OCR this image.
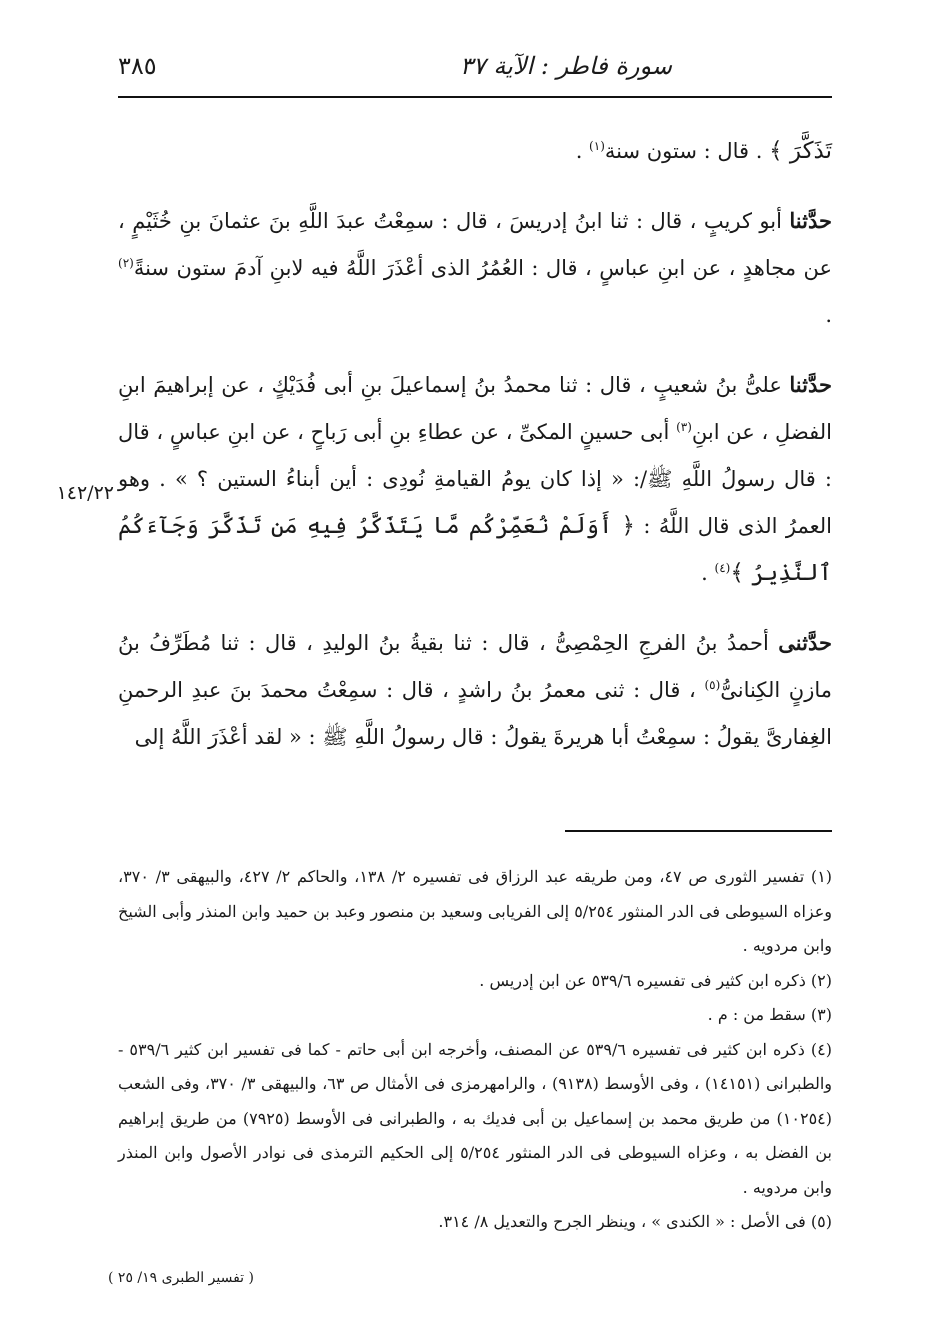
سورة فاطر : الآية ٣٧
٣٨٥

تَذَكَّرَ ﴾ . قال : ستون سنة$^{(١)}$ .

حدَّثنا أبو كريبٍ ، قال : ثنا ابنُ إدريسَ ، قال : سمِعْتُ عبدَ اللَّهِ بنَ عثمانَ بنِ خُثَيْمٍ ، عن مجاهدٍ ، عن ابنِ عباسٍ ، قال : العُمُرُ الذى أعْذَرَ اللَّهُ فيه لابنِ آدمَ ستون سنةً$^{(٢)}$ .

حدَّثنا علىُّ بنُ شعيبٍ ، قال : ثنا محمدُ بنُ إسماعيلَ بنِ أبى فُدَيْكٍ ، عن إبراهيمَ ابنِ الفضلِ ، عن ابنِ$^{(٣)}$ أبى حسينٍ المكىِّ ، عن عطاءِ بنِ أبى رَباحٍ ، عن ابنِ عباسٍ ، قال : قال رسولُ اللَّهِ ﷺ/: « إذا كان يومُ القيامةِ نُودِى : أين أبناءُ الستين ؟ » . وهو العمرُ الذى قال اللَّهُ : ﴿ أَوَلَمْ نُعَمِّرْكُم مَّا يَتَذَكَّرُ فِيهِ مَن تَذَكَّرَ وَجَآءَكُمُ ٱلنَّذِيرُ ﴾$^{(٤)}$ .

حدَّثنى أحمدُ بنُ الفرجِ الحِمْصِىُّ ، قال : ثنا بقيةُ بنُ الوليدِ ، قال : ثنا مُطَرِّفُ بنُ مازنٍ الكِنانىُّ$^{(٥)}$ ، قال : ثنى معمرُ بنُ راشدٍ ، قال : سمِعْتُ محمدَ بنَ عبدِ الرحمنِ الغِفارىَّ يقولُ : سمِعْتُ أبا هريرةَ يقولُ : قال رسولُ اللَّهِ ﷺ : « لقد أعْذَرَ اللَّهُ إلى

١٤٢/٢٢

(١) تفسير الثورى ص ٤٧، ومن طريقه عبد الرزاق فى تفسيره ٢/ ١٣٨، والحاكم ٢/ ٤٢٧، والبيهقى ٣/ ٣٧٠، وعزاه السيوطى فى الدر المنثور ٥/٢٥٤ إلى الفريابى وسعيد بن منصور وعبد بن حميد وابن المنذر وأبى الشيخ وابن مردويه .

(٢) ذكره ابن كثير فى تفسيره ٥٣٩/٦ عن ابن إدريس .

(٣) سقط من : م .

(٤) ذكره ابن كثير فى تفسيره ٥٣٩/٦ عن المصنف، وأخرجه ابن أبى حاتم - كما فى تفسير ابن كثير ٥٣٩/٦ - والطبرانى (١٤١٥١) ، وفى الأوسط (٩١٣٨) ، والرامهرمزى فى الأمثال ص ٦٣، والبيهقى ٣/ ٣٧٠، وفى الشعب (١٠٢٥٤) من طريق محمد بن إسماعيل بن أبى فديك به ، والطبرانى فى الأوسط (٧٩٢٥) من طريق إبراهيم بن الفضل به ، وعزاه السيوطى فى الدر المنثور ٥/٢٥٤ إلى الحكيم الترمذى فى نوادر الأصول وابن المنذر وابن مردويه .

(٥) فى الأصل : « الكندى » ، وينظر الجرح والتعديل ٨/ ٣١٤.

( تفسير الطبرى ١٩/ ٢٥ )
